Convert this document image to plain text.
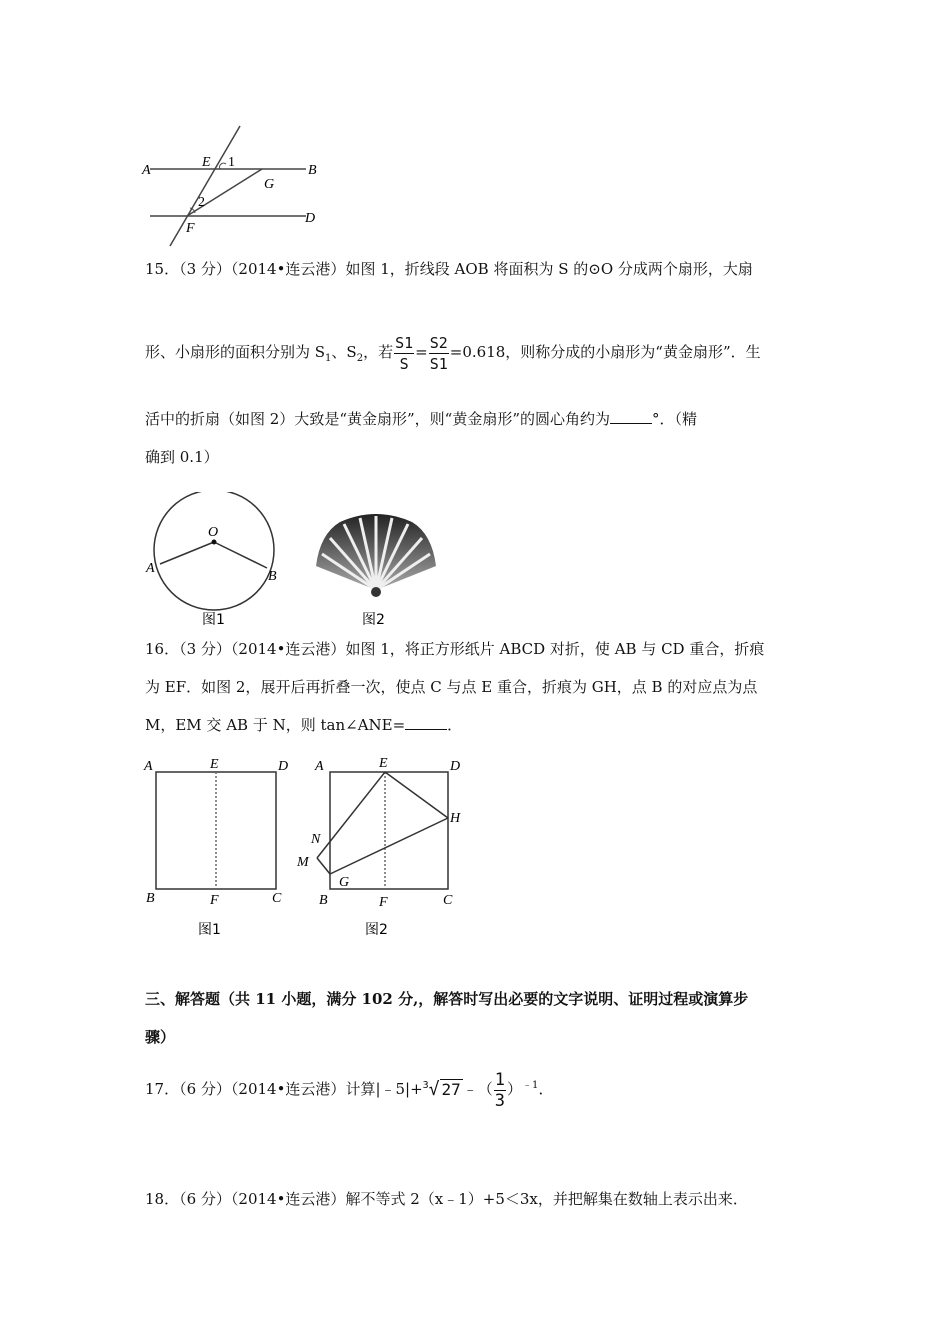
A
E 1
B
G
2
D
F
15．（3 分）（2014•连云港）如图 1，折线段 AOB 将面积为 S 的⊙O 分成两个扇形，大扇
形、小扇形的面积分别为 $S_1$、$S_2$，若 $\frac{S1}{S} = \frac{S2}{S1} =0.618$，则称分成的小扇形为“黄金扇形”．生
活中的折扇（如图 2）大致是“黄金扇形”，则“黄金扇形”的圆心角约为	°．（精
确到 0.1）
O
A
B
图1	图2
16．（3 分）（2014•连云港）如图 1，将正方形纸片 ABCD 对折，使 AB 与 CD 重合，折痕
为 EF．如图 2，展开后再折叠一次，使点 C 与点 E 重合，折痕为 GH，点 B 的对应点为点
M，EM 交 AB 于 N，则 tan∠ANE=	．
A	E	D
B	F	C
图1
A	E	D
H
N
M
G
B	F	C
图2
三、解答题（共 11 小题，满分 102 分,，解答时写出必要的文字说明、证明过程或演算步
骤）
17．（6 分）（2014•连云港）计算|﹣5|+ 3 √ 27 ﹣（ $\frac{1}{3} )^{﹣1}$．
18．（6 分）（2014•连云港）解不等式 2（x﹣1）+5＜3x，并把解集在数轴上表示出来．
